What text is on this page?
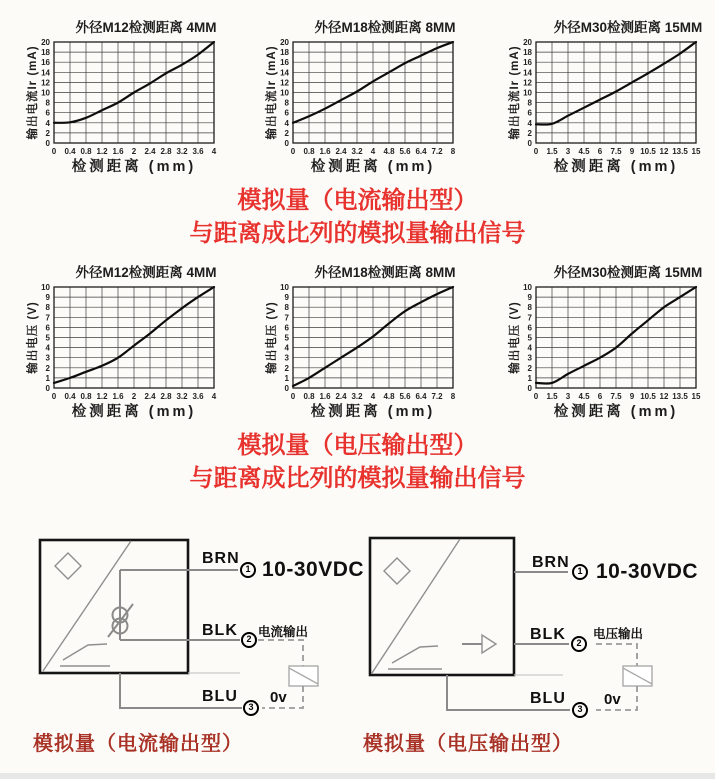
外径M12检测距离 4MM
0 0.4 0.8 1.2 1.6 2 2.4 2.8 3.2 3.6 4
0
2
4
6
8
10
12
14
16
18
20
输出电流Ir (mA)
检测距离 (mm)
外径M18检测距离 8MM
0 0.8 1.6 2.4 3.2 4 4.8 5.6 6.4 7.2 8
0
2
4
6
8
10
12
14
16
18
20
输出电流Ir (mA)
检测距离 (mm)
外径M30检测距离 15MM
0 1.5 3 4.5 6 7.5 9 10.5 12 13.5 15
0
2
4
6
8
10
12
14
16
18
20
输出电流Ir (mA)
检测距离 (mm)
模拟量（电流输出型）
与距离成比列的模拟量输出信号
外径M12检测距离 4MM
0 0.4 0.8 1.2 1.6 2 2.4 2.8 3.2 3.6 4
0
1
2
3
4
5
6
7
8
9
10
输出电压 (V)
检测距离 (mm)
外径M18检测距离 8MM
0 0.8 1.6 2.4 3.2 4 4.8 5.6 6.4 7.2 8
0
1
2
3
4
5
6
7
8
9
10
输出电压 (V)
检测距离 (mm)
外径M30检测距离 15MM
0 1.5 3 4.5 6 7.5 9 10.5 12 13.5 15
0
1
2
3
4
5
6
7
8
9
10
输出电压 (V)
检测距离 (mm)
模拟量（电压输出型）
与距离成比列的模拟量输出信号
BRN
BLK
BLU
1
2
3
10-30VDC
电流输出
0v
模拟量（电流输出型）
BRN
BLK
BLU
1
2
3
10-30VDC
电压输出
0v
模拟量（电压输出型）
